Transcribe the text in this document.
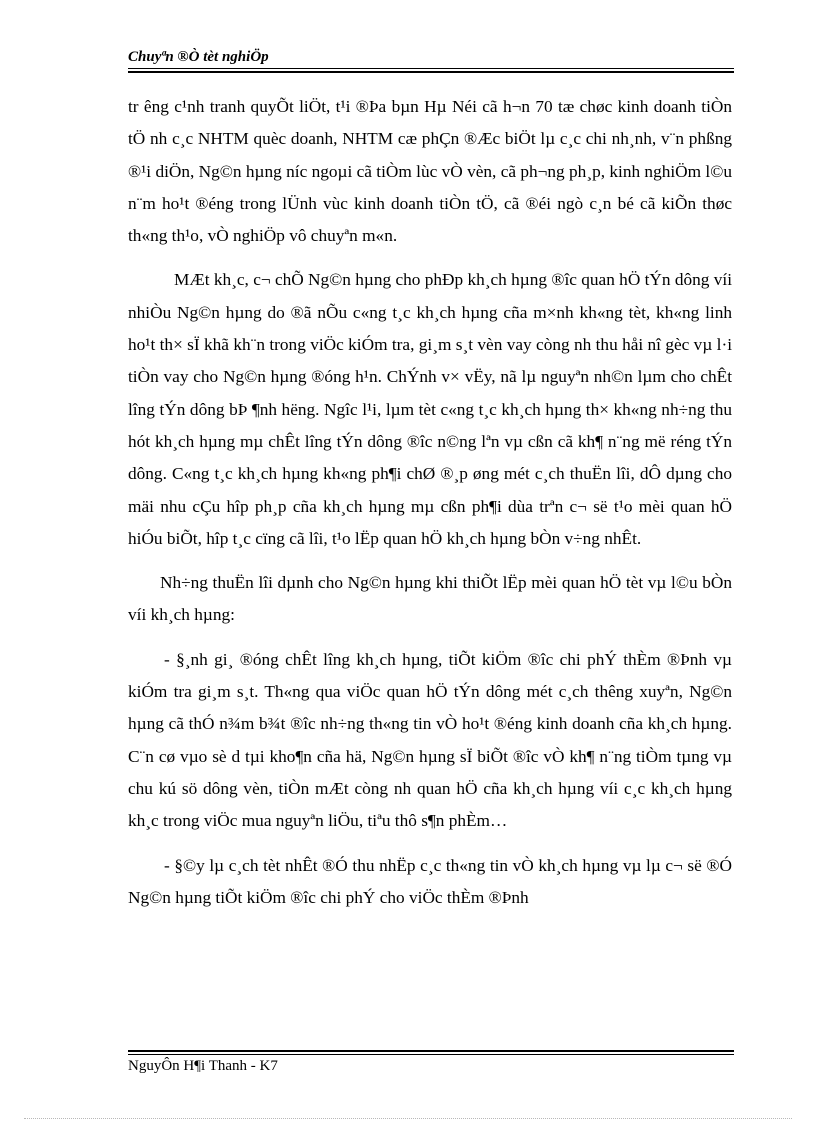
Chuyªn ®Ò tèt nghiÖp

tr êng c¹nh tranh quyÕt liÖt, t¹i ®Þa bµn Hµ Néi cã h¬n 70 tæ chøc kinh doanh tiÒn tÖ nh c¸c NHTM quèc doanh, NHTM cæ phÇn ®Æc biÖt lµ c¸c chi nh¸nh, v¨n phßng ®¹i diÖn, Ng©n hµng níc ngoµi cã tiÒm lùc vÒ vèn, cã ph¬ng ph¸p, kinh nghiÖm l©u n¨m ho¹t ®éng trong lÜnh vùc kinh doanh tiÒn tÖ, cã ®éi ngò c¸n bé cã kiÕn thøc th«ng th¹o, vÒ nghiÖp vô chuyªn m«n.

MÆt kh¸c, c¬ chÕ Ng©n hµng cho phÐp kh¸ch hµng ®îc quan hÖ tÝn dông víi nhiÒu Ng©n hµng do ®ã nÕu c«ng t¸c kh¸ch hµng cña m×nh kh«ng tèt, kh«ng linh ho¹t th× sÏ khã kh¨n trong viÖc kiÓm tra, gi¸m s¸t vèn vay còng nh thu håi nî gèc vµ l·i tiÒn vay cho Ng©n hµng ®óng h¹n. ChÝnh v× vËy, nã lµ nguyªn nh©n lµm cho chÊt lîng tÝn dông bÞ ¶nh hëng. Ngîc l¹i, lµm tèt c«ng t¸c kh¸ch hµng th× kh«ng nh÷ng thu hót kh¸ch hµng mµ chÊt lîng tÝn dông ®îc n©ng lªn vµ cßn cã kh¶ n¨ng më réng tÝn dông. C«ng t¸c kh¸ch hµng kh«ng ph¶i chØ ®¸p øng mét c¸ch thuËn lîi, dÔ dµng cho mäi nhu cÇu hîp ph¸p cña kh¸ch hµng mµ cßn ph¶i dùa trªn c¬ së t¹o mèi quan hÖ hiÓu biÕt, hîp t¸c cïng cã lîi, t¹o lËp quan hÖ kh¸ch hµng bÒn v÷ng nhÊt.

Nh÷ng thuËn lîi dµnh cho Ng©n hµng khi thiÕt lËp mèi quan hÖ tèt vµ l©u bÒn víi kh¸ch hµng:

- §¸nh gi¸ ®óng chÊt lîng kh¸ch hµng, tiÕt kiÖm ®îc chi phÝ thÈm ®Þnh vµ kiÓm tra gi¸m s¸t. Th«ng qua viÖc quan hÖ tÝn dông mét c¸ch thêng xuyªn, Ng©n hµng cã thÓ n¾m b¾t ®îc nh÷ng th«ng tin vÒ ho¹t ®éng kinh doanh cña kh¸ch hµng. C¨n cø vµo sè d tµi kho¶n cña hä, Ng©n hµng sÏ biÕt ®îc vÒ kh¶ n¨ng tiÒm tµng vµ chu kú sö dông vèn, tiÒn mÆt còng nh quan hÖ cña kh¸ch hµng víi c¸c kh¸ch hµng kh¸c trong viÖc mua nguyªn liÖu, tiªu thô s¶n phÈm…

- §©y lµ c¸ch tèt nhÊt ®Ó thu nhËp c¸c th«ng tin vÒ kh¸ch hµng vµ lµ c¬ së ®Ó Ng©n hµng tiÕt kiÖm ®îc chi phÝ cho viÖc thÈm ®Þnh

NguyÔn H¶i Thanh - K7
